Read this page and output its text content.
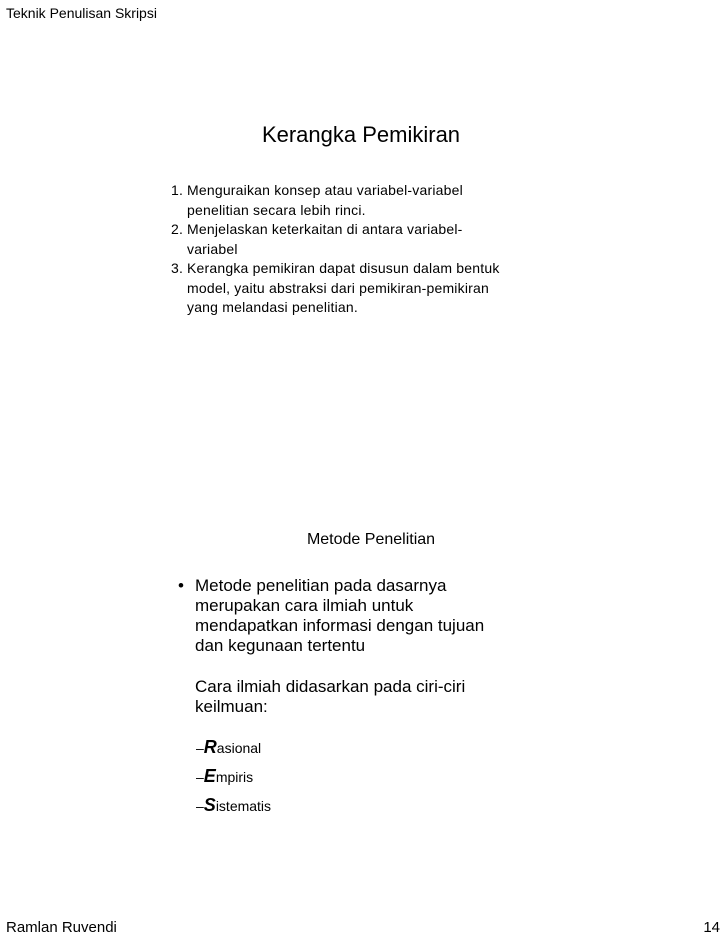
Teknik Penulisan Skripsi
Kerangka Pemikiran
1. Menguraikan konsep atau variabel-variabel
penelitian secara lebih rinci.
2. Menjelaskan keterkaitan di antara variabel-
variabel
3. Kerangka pemikiran dapat disusun dalam bentuk
model, yaitu abstraksi dari pemikiran-pemikiran
yang melandasi penelitian.
Metode Penelitian
• Metode penelitian pada dasarnya
merupakan cara ilmiah untuk
mendapatkan informasi dengan tujuan
dan kegunaan tertentu
Cara ilmiah didasarkan pada ciri-ciri
keilmuan:
–Rasional
–Empiris
–Sistematis
Ramlan Ruvendi	14
